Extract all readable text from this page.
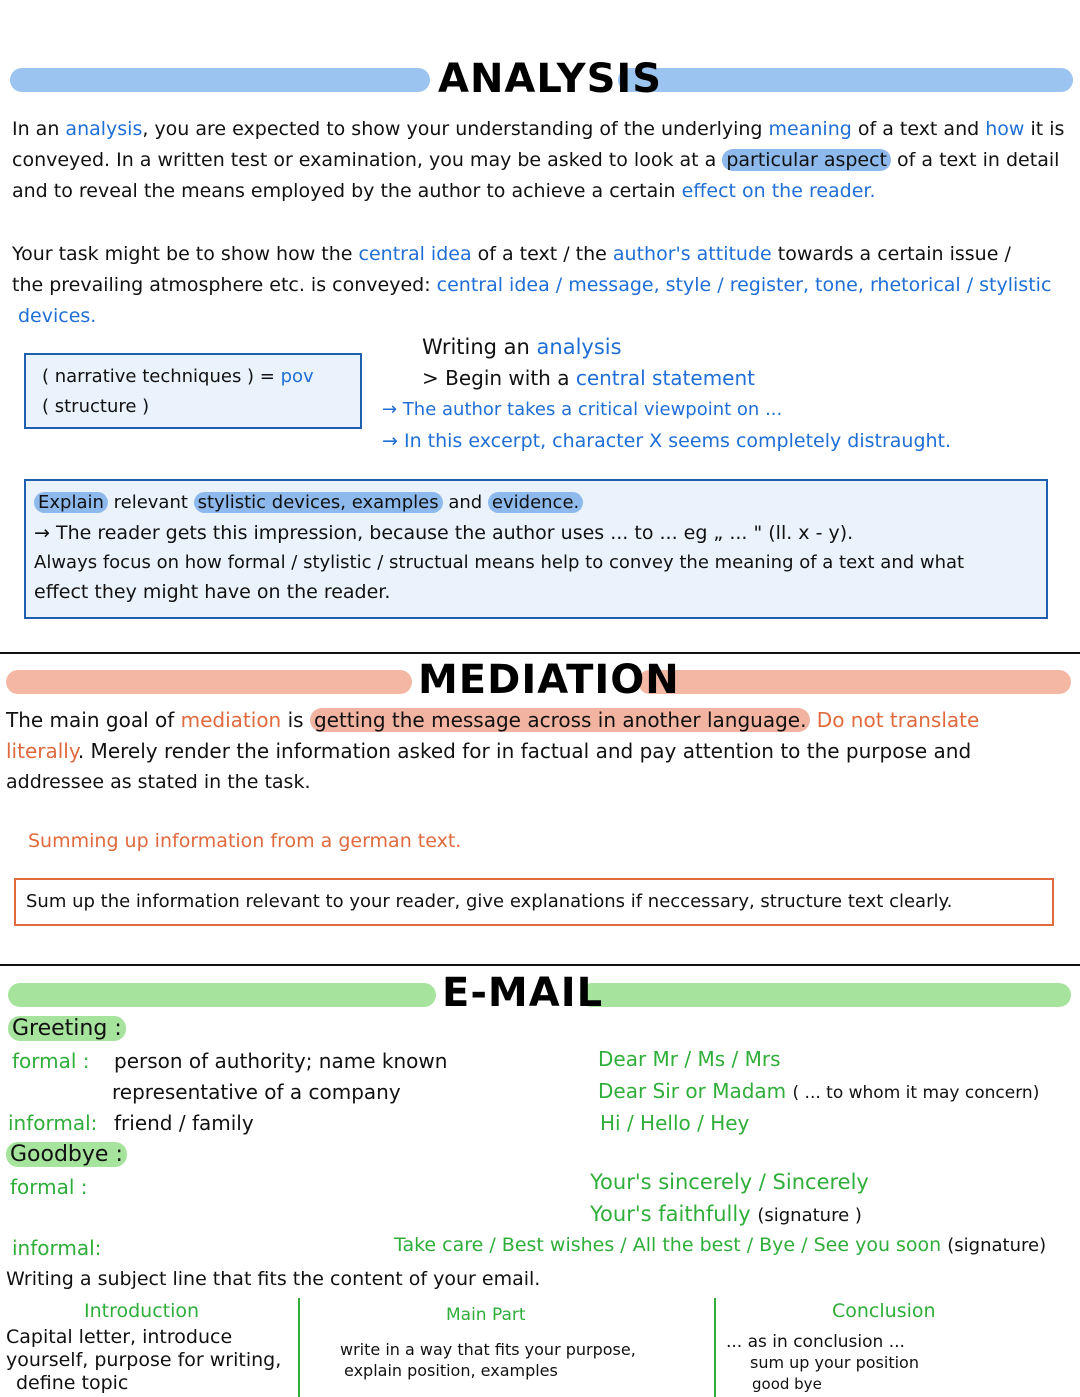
ANALYSIS
In an analysis, you are expected to show your understanding of the underlying meaning of a text and how it is
conveyed. In a written test or examination, you may be asked to look at a particular aspect of a text in detail
and to reveal the means employed by the author to achieve a certain effect on the reader.
Your task might be to show how the central idea of a text / the author's attitude towards a certain issue /
the prevailing atmosphere etc. is conveyed: central idea / message, style / register, tone, rhetorical / stylistic
devices.
( narrative techniques ) = pov
( structure )
Writing an analysis
> Begin with a central statement
→ The author takes a critical viewpoint on ...
→ In this excerpt, character X seems completely distraught.
Explain relevant stylistic devices, examples and evidence.
→ The reader gets this impression, because the author uses ... to ... eg „ ... " (ll. x - y).
Always focus on how formal / stylistic / structual means help to convey the meaning of a text and what
effect they might have on the reader.
MEDIATION
The main goal of mediation is getting the message across in another language. Do not translate
literally. Merely render the information asked for in factual and pay attention to the purpose and
addressee as stated in the task.
Summing up information from a german text.
Sum up the information relevant to your reader, give explanations if neccessary, structure text clearly.
E-MAIL
Greeting :
formal : person of authority; name known
representative of a company
informal: friend / family
Dear Mr / Ms / Mrs
Dear Sir or Madam ( ... to whom it may concern)
Hi / Hello / Hey
Goodbye :
formal :	Your's sincerely / Sincerely
Your's faithfully (signature )
informal:	Take care / Best wishes / All the best / Bye / See you soon (signature)
Writing a subject line that fits the content of your email.
Introduction
Capital letter, introduce
yourself, purpose for writing,
define topic
Main Part
write in a way that fits your purpose,
explain position, examples
Conclusion
... as in conclusion ...
sum up your position
good bye
